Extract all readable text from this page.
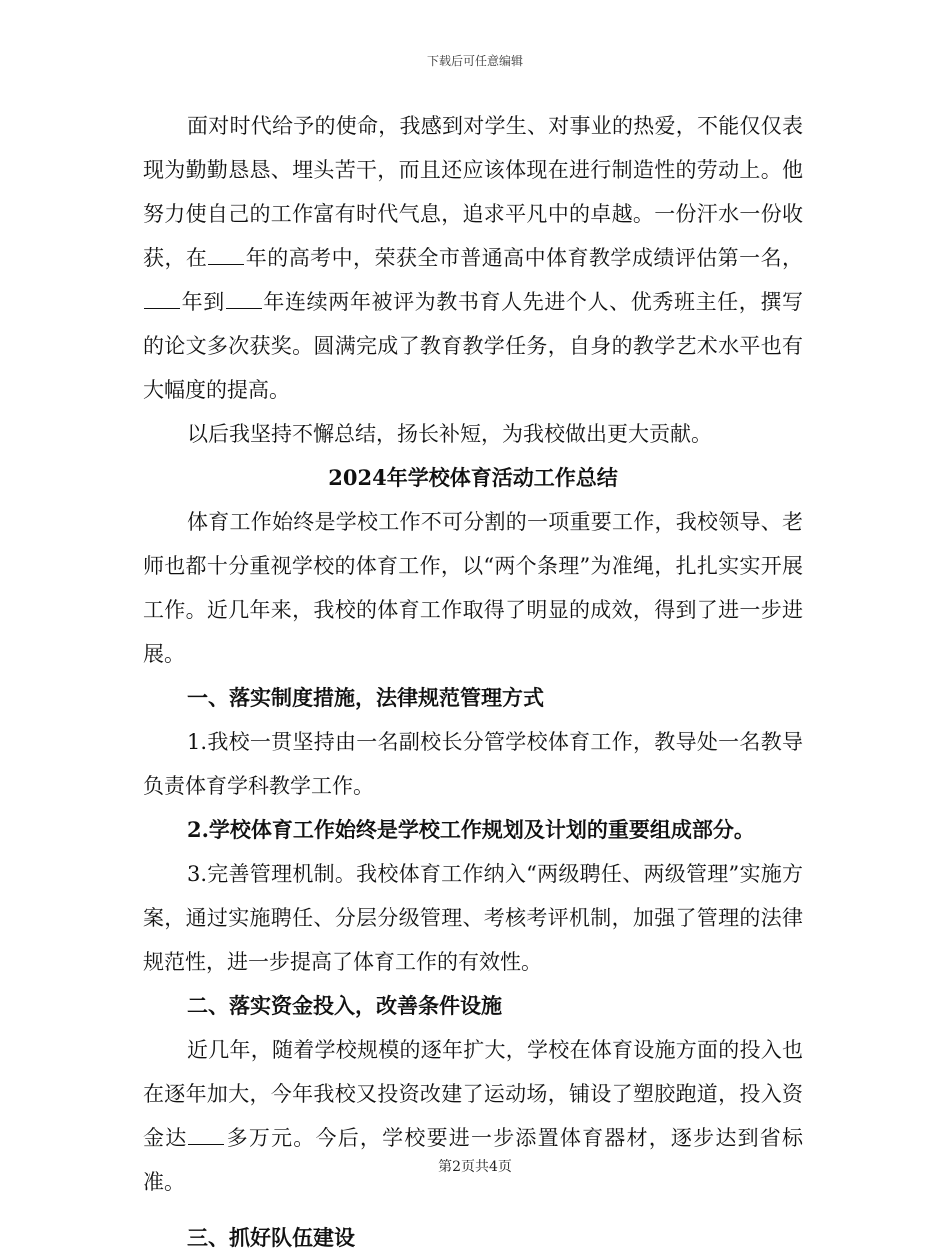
下载后可任意编辑

面对时代给予的使命，我感到对学生、对事业的热爱，不能仅仅表现为勤勤恳恳、埋头苦干，而且还应该体现在进行制造性的劳动上。他努力使自己的工作富有时代气息，追求平凡中的卓越。一份汗水一份收获，在 年的高考中，荣获全市普通高中体育教学成绩评估第一名，年到 年连续两年被评为教书育人先进个人、优秀班主任，撰写的论文多次获奖。圆满完成了教育教学任务，自身的教学艺术水平也有大幅度的提高。

以后我坚持不懈总结，扬长补短，为我校做出更大贡献。

2024年学校体育活动工作总结

体育工作始终是学校工作不可分割的一项重要工作，我校领导、老师也都十分重视学校的体育工作，以“两个条理”为准绳，扎扎实实开展工作。近几年来，我校的体育工作取得了明显的成效，得到了进一步进展。

一、落实制度措施，法律规范管理方式

1.我校一贯坚持由一名副校长分管学校体育工作，教导处一名教导负责体育学科教学工作。

2.学校体育工作始终是学校工作规划及计划的重要组成部分。

3.完善管理机制。我校体育工作纳入“两级聘任、两级管理”实施方案，通过实施聘任、分层分级管理、考核考评机制，加强了管理的法律规范性，进一步提高了体育工作的有效性。

二、落实资金投入，改善条件设施

近几年，随着学校规模的逐年扩大，学校在体育设施方面的投入也在逐年加大，今年我校又投资改建了运动场，铺设了塑胶跑道，投入资金达 多万元。今后，学校要进一步添置体育器材，逐步达到省标准。

三、抓好队伍建设

第2页共4页
